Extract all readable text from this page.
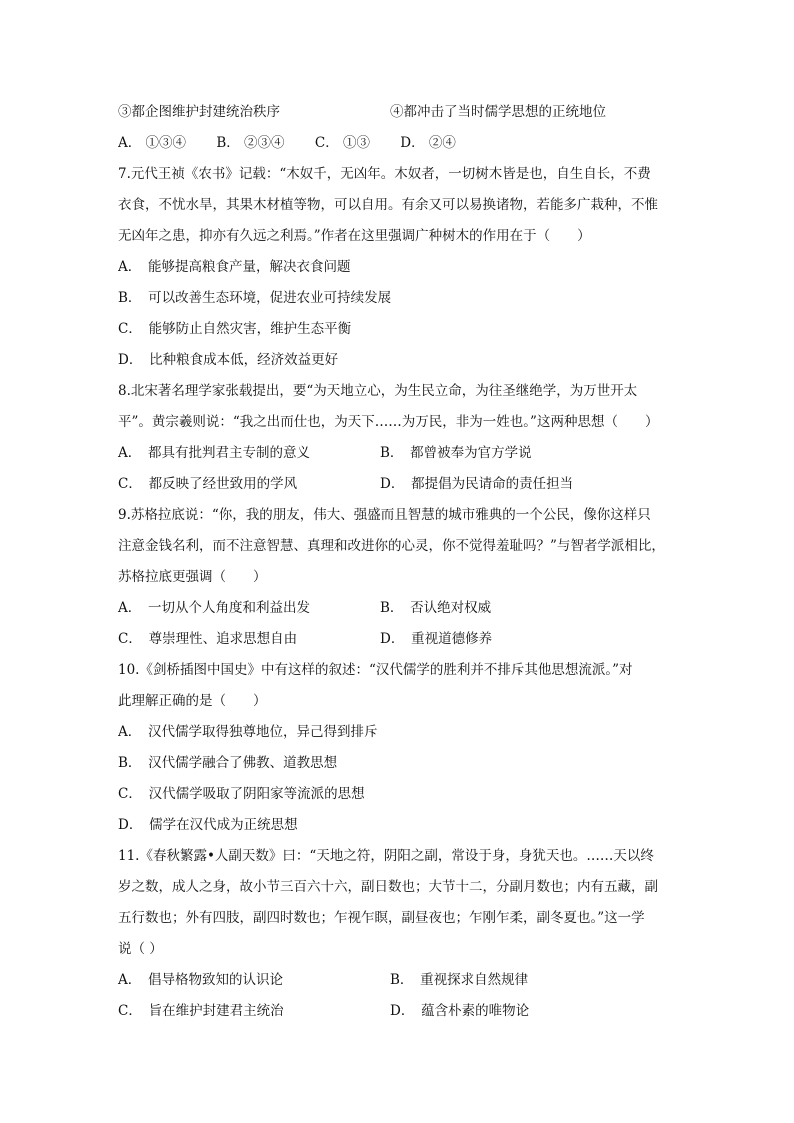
③都企图维护封建统治秩序	④都冲击了当时儒学思想的正统地位
A． ①③④ B． ②③④ C． ①③ D． ②④
7.元代王祯《农书》记载：“木奴千，无凶年。木奴者，一切树木皆是也，自生自长，不费
衣食，不忧水旱，其果木材植等物，可以自用。有余又可以易换诸物，若能多广栽种，不惟
无凶年之患，抑亦有久远之利焉。”作者在这里强调广种树木的作用在于（　　）
A．　能够提高粮食产量，解决衣食问题
B．　可以改善生态环境，促进农业可持续发展
C．　能够防止自然灾害，维护生态平衡
D．　比种粮食成本低，经济效益更好
8.北宋著名理学家张载提出，要“为天地立心，为生民立命，为往圣继绝学，为万世开太
平”。黄宗羲则说：“我之出而仕也，为天下……为万民，非为一姓也。”这两种思想（　　）
A．　都具有批判君主专制的意义	B．　都曾被奉为官方学说
C．　都反映了经世致用的学风	D．　都提倡为民请命的责任担当
9.苏格拉底说：“你，我的朋友，伟大、强盛而且智慧的城市雅典的一个公民，像你这样只
注意金钱名利，而不注意智慧、真理和改进你的心灵，你不觉得羞耻吗？”与智者学派相比，
苏格拉底更强调（　　）
A．　一切从个人角度和利益出发	B．　否认绝对权威
C．　尊崇理性、追求思想自由	D．　重视道德修养
10.《剑桥插图中国史》中有这样的叙述：“汉代儒学的胜利并不排斥其他思想流派。”对
此理解正确的是（　　）
A．　汉代儒学取得独尊地位，异己得到排斥
B．　汉代儒学融合了佛教、道教思想
C．　汉代儒学吸取了阴阳家等流派的思想
D．　儒学在汉代成为正统思想
11.《春秋繁露•人副天数》曰：“天地之符，阴阳之副，常设于身，身犹天也。……天以终
岁之数，成人之身，故小节三百六十六，副日数也；大节十二，分副月数也；内有五藏，副
五行数也；外有四肢，副四时数也；乍视乍瞑，副昼夜也；乍刚乍柔，副冬夏也。”这一学
说（ ）
A．　倡导格物致知的认识论	B．　重视探求自然规律
C．　旨在维护封建君主统治	D．　蕴含朴素的唯物论
